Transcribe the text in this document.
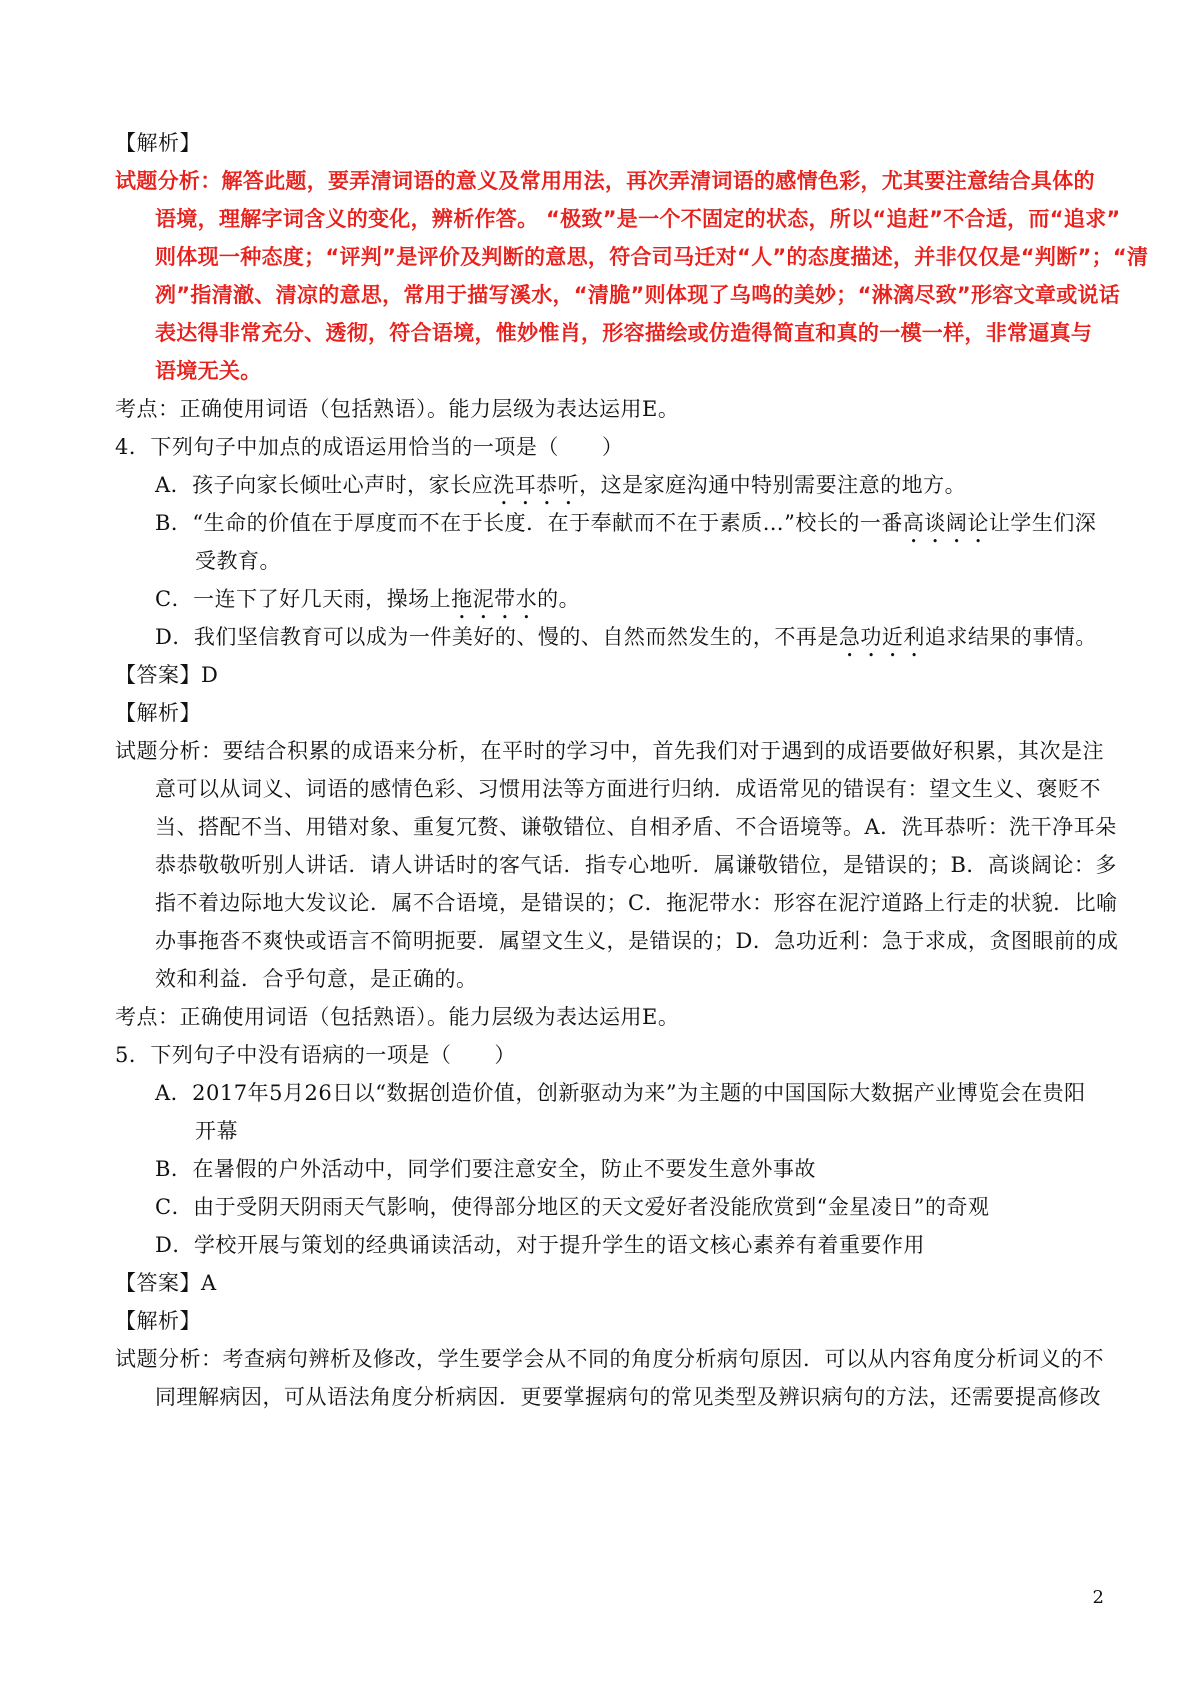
【解析】
试题分析：解答此题，要弄清词语的意义及常用用法，再次弄清词语的感情色彩，尤其要注意结合具体的
语境，理解字词含义的变化，辨析作答。 “极致”是一个不固定的状态，所以“追赶”不合适，而“追求”
则体现一种态度；“评判”是评价及判断的意思，符合司马迁对“人”的态度描述，并非仅仅是“判断”；“清
冽”指清澈、清凉的意思，常用于描写溪水，“清脆”则体现了乌鸣的美妙；“淋漓尽致”形容文章或说话
表达得非常充分、透彻，符合语境，惟妙惟肖，形容描绘或仿造得简直和真的一模一样，非常逼真与
语境无关。
考点：正确使用词语（包括熟语）。能力层级为表达运用E。
4．下列句子中加点的成语运用恰当的一项是（　　）
A．孩子向家长倾吐心声时，家长应洗耳恭听，这是家庭沟通中特别需要注意的地方。
B．“生命的价值在于厚度而不在于长度．在于奉献而不在于素质…”校长的一番高谈阔论让学生们深
受教育。
C．一连下了好几天雨，操场上拖泥带水的。
D．我们坚信教育可以成为一件美好的、慢的、自然而然发生的，不再是急功近利追求结果的事情。
【答案】D
【解析】
试题分析：要结合积累的成语来分析，在平时的学习中，首先我们对于遇到的成语要做好积累，其次是注
意可以从词义、词语的感情色彩、习惯用法等方面进行归纳．成语常见的错误有：望文生义、褒贬不
当、搭配不当、用错对象、重复冗赘、谦敬错位、自相矛盾、不合语境等。A．洗耳恭听：洗干净耳朵
恭恭敬敬听别人讲话．请人讲话时的客气话．指专心地听．属谦敬错位，是错误的；B．高谈阔论：多
指不着边际地大发议论．属不合语境，是错误的；C．拖泥带水：形容在泥泞道路上行走的状貌．比喻
办事拖沓不爽快或语言不简明扼要．属望文生义，是错误的；D．急功近利：急于求成，贪图眼前的成
效和利益．合乎句意，是正确的。
考点：正确使用词语（包括熟语）。能力层级为表达运用E。
5．下列句子中没有语病的一项是（　　）
A．2017年5月26日以“数据创造价值，创新驱动为来”为主题的中国国际大数据产业博览会在贵阳
开幕
B．在暑假的户外活动中，同学们要注意安全，防止不要发生意外事故
C．由于受阴天阴雨天气影响，使得部分地区的天文爱好者没能欣赏到“金星凌日”的奇观
D．学校开展与策划的经典诵读活动，对于提升学生的语文核心素养有着重要作用
【答案】A
【解析】
试题分析：考查病句辨析及修改，学生要学会从不同的角度分析病句原因．可以从内容角度分析词义的不
同理解病因，可从语法角度分析病因．更要掌握病句的常见类型及辨识病句的方法，还需要提高修改
2
